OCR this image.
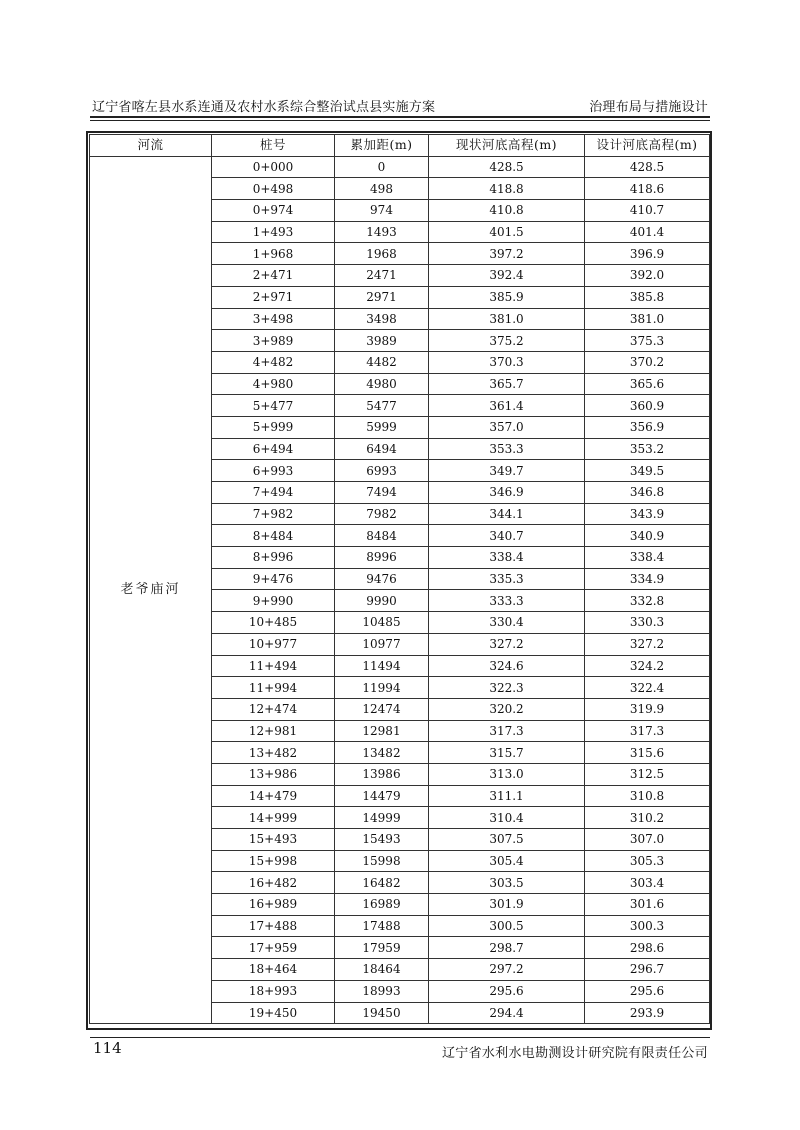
辽宁省喀左县水系连通及农村水系综合整治试点县实施方案	治理布局与措施设计
河流	桩号	累加距(m)	现状河底高程(m)	设计河底高程(m)
老爷庙河	0+000	0	428.5	428.5
	0+498	498	418.8	418.6
	0+974	974	410.8	410.7
	1+493	1493	401.5	401.4
	1+968	1968	397.2	396.9
	2+471	2471	392.4	392.0
	2+971	2971	385.9	385.8
	3+498	3498	381.0	381.0
	3+989	3989	375.2	375.3
	4+482	4482	370.3	370.2
	4+980	4980	365.7	365.6
	5+477	5477	361.4	360.9
	5+999	5999	357.0	356.9
	6+494	6494	353.3	353.2
	6+993	6993	349.7	349.5
	7+494	7494	346.9	346.8
	7+982	7982	344.1	343.9
	8+484	8484	340.7	340.9
	8+996	8996	338.4	338.4
	9+476	9476	335.3	334.9
	9+990	9990	333.3	332.8
	10+485	10485	330.4	330.3
	10+977	10977	327.2	327.2
	11+494	11494	324.6	324.2
	11+994	11994	322.3	322.4
	12+474	12474	320.2	319.9
	12+981	12981	317.3	317.3
	13+482	13482	315.7	315.6
	13+986	13986	313.0	312.5
	14+479	14479	311.1	310.8
	14+999	14999	310.4	310.2
	15+493	15493	307.5	307.0
	15+998	15998	305.4	305.3
	16+482	16482	303.5	303.4
	16+989	16989	301.9	301.6
	17+488	17488	300.5	300.3
	17+959	17959	298.7	298.6
	18+464	18464	297.2	296.7
	18+993	18993	295.6	295.6
	19+450	19450	294.4	293.9
114	辽宁省水利水电勘测设计研究院有限责任公司
